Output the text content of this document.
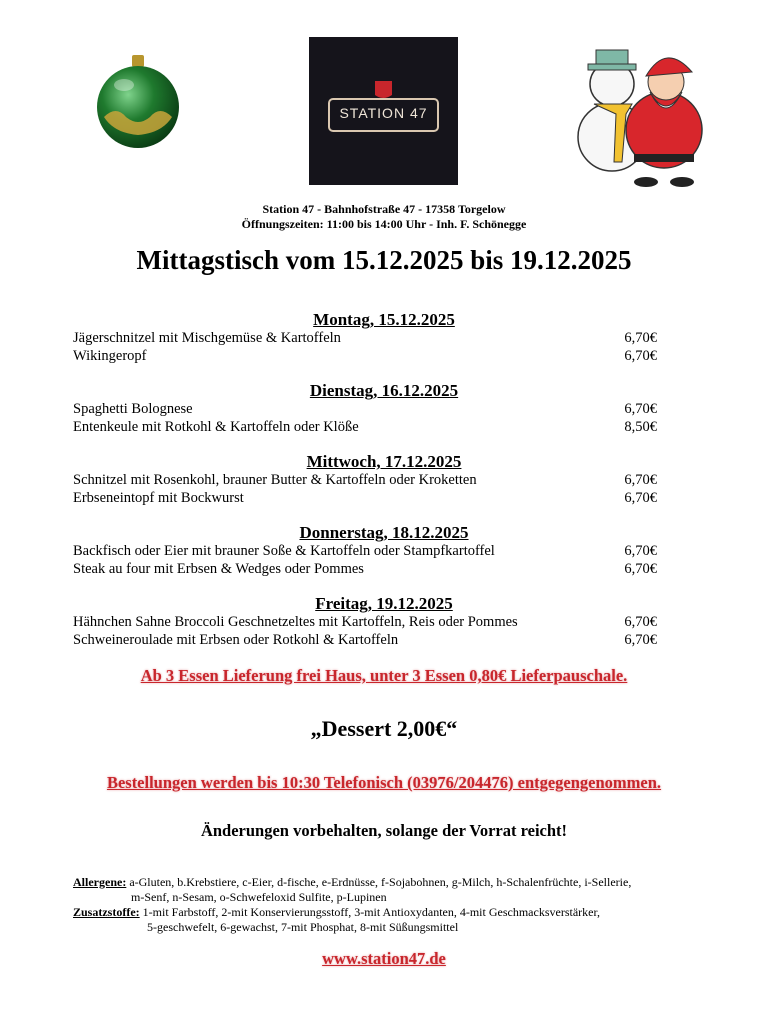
STATION 47
Station 47 - Bahnhofstraße 47 - 17358 Torgelow
Öffnungszeiten: 11:00 bis 14:00 Uhr - Inh. F. Schönegge
Mittagstisch vom 15.12.2025 bis 19.12.2025
Montag, 15.12.2025
Jägerschnitzel mit Mischgemüse & Kartoffeln	6,70€
Wikingeropf	6,70€
Dienstag, 16.12.2025
Spaghetti Bolognese	6,70€
Entenkeule mit Rotkohl & Kartoffeln oder Klöße	8,50€
Mittwoch, 17.12.2025
Schnitzel mit Rosenkohl, brauner Butter & Kartoffeln oder Kroketten	6,70€
Erbseneintopf mit Bockwurst	6,70€
Donnerstag, 18.12.2025
Backfisch oder Eier mit brauner Soße & Kartoffeln oder Stampfkartoffel	6,70€
Steak au four mit Erbsen & Wedges oder Pommes	6,70€
Freitag, 19.12.2025
Hähnchen Sahne Broccoli Geschnetzeltes mit Kartoffeln, Reis oder Pommes	6,70€
Schweineroulade mit Erbsen oder Rotkohl & Kartoffeln	6,70€
Ab 3 Essen Lieferung frei Haus, unter 3 Essen 0,80€ Lieferpauschale.
„Dessert 2,00€“
Bestellungen werden bis 10:30 Telefonisch (03976/204476) entgegengenommen.
Änderungen vorbehalten, solange der Vorrat reicht!
Allergene: a-Gluten, b.Krebstiere, c-Eier, d-fische, e-Erdnüsse, f-Sojabohnen, g-Milch, h-Schalenfrüchte, i-Sellerie,
m-Senf, n-Sesam, o-Schwefeloxid Sulfite, p-Lupinen
Zusatzstoffe: 1-mit Farbstoff, 2-mit Konservierungsstoff, 3-mit Antioxydanten, 4-mit Geschmacksverstärker,
5-geschwefelt, 6-gewachst, 7-mit Phosphat, 8-mit Süßungsmittel
www.station47.de
